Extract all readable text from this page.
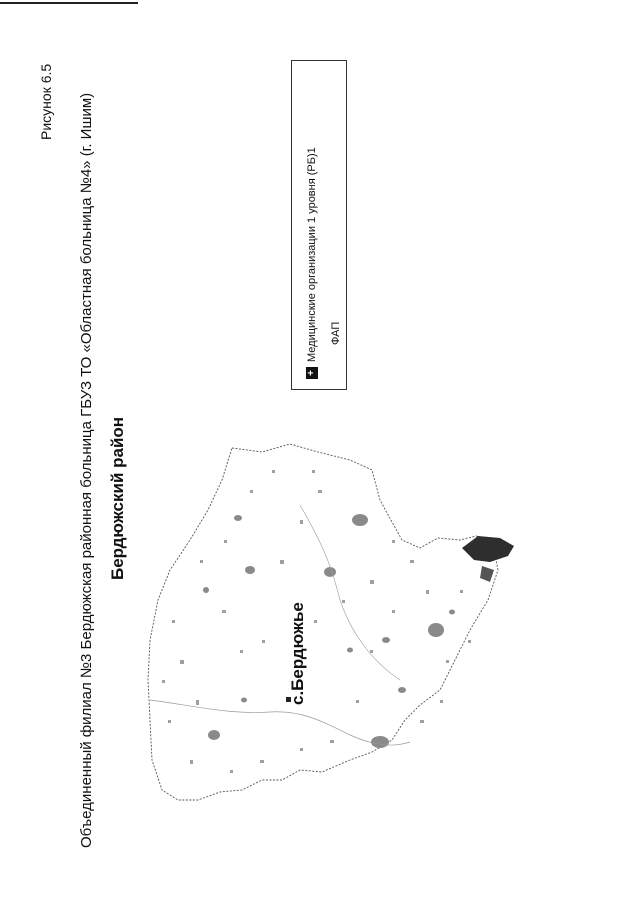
Рисунок 6.5 Объединенный филиал №3 Бердюжская районная больница ГБУЗ ТО «Областная больница №4» (г. Ишим) Бердюжский район
+
Медицинские организации 1 уровня (РБ)1 ФАП
с.Бердюжье
